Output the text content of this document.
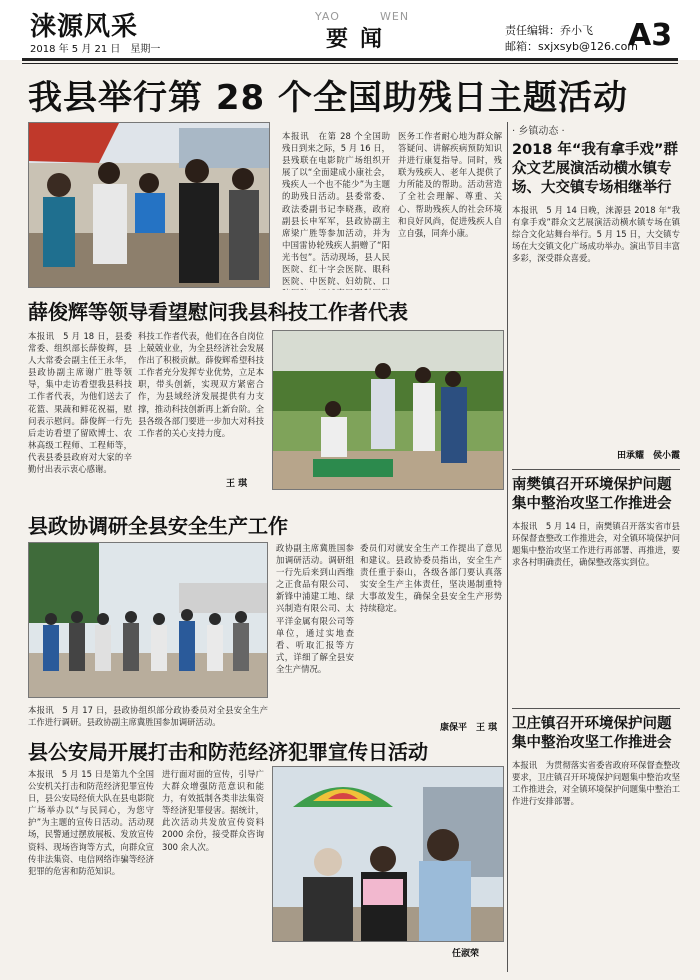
涞源风采
2018 年 5 月 21 日　星期一
YAO	WEN
要闻	责任编辑：乔小飞
邮箱：sxjxsyb@126.com
A3
我县举行第 28 个全国助残日主题活动
本报讯　在第 28 个全国助残日到来之际，5 月 16 日，县残联在电影院广场组织开展了以“全面建成小康社会，残疾人一个也不能少”为主题的助残日活动。县委常委、政法委副书记李晓燕，政府副县长申军军，县政协副主席梁广胜等参加活动，并为中国雷协轮残疾人捐赠了“阳光书包”。活动现场，县人民医院、红十字会医院、眼科医院、中医院、妇幼院、口
医务工作者耐心地为群众解答疑问、讲解疾病预防知识并进行康复指导。同时，残联为残疾人、老年人提供了力所能及的帮助。活动营造了全社会理解、尊重、关心、帮助残疾人的社会环境和良好风尚，促进残疾人自立自强，同奔小康。
薛俊辉等领导看望慰问我县科技工作者代表
本报讯　5 月 18 日，县委常委、组织部长薛俊辉，县人大常委会副主任王永华，县政协副主席谢广胜等领导，集中走访看望我县科技工作者代表，为他们送去了花篮、果蔬和鲜花祝福，慰问表示慰问。薛俊辉一行先后走访看望了留欧博士、农林高级工程师、工程师等，代表县委县政府对大家的辛勤付出表示衷心感谢。
科技工作者代表，他们在各自岗位上兢兢业业，为全县经济社会发展作出了积极贡献。薛俊辉希望科技工作者充分发挥专业优势，立足本职，带头创新，实现双方紧密合作，为县域经济发展提供有力支撑，推动科技创新再上新台阶。全县各级各部门要进一步加大对科技工作者的关心支持力度。
王 琪
县政协调研全县安全生产工作
本报讯　5 月 17 日，县政协组织部分政协委员对全县安全生产工作进行调研。县政协副主席冀胜国参加调研活动。
政协副主席冀胜国参加调研活动。调研组一行先后来到山西维之正食品有限公司、新锋中浦建工地、绿兴制造有限公司、太平洋金属有限公司等单位，通过实地查看、听取汇报等方式，详细了解全县安全生产情况。
委员们对就安全生产工作提出了意见和建议。县政协委员指出，安全生产责任重于泰山，各级各部门要认真落实安全生产主体责任，坚决遏制重特大事故发生，确保全县安全生产形势持续稳定。
康保平　王 琪
县公安局开展打击和防范经济犯罪宣传日活动
本报讯　5 月 15 日是第九个全国公安机关打击和防范经济犯罪宣传日，县公安局经侦大队在县电影院广场举办以“与民同心，为您守护”为主题的宣传日活动。活动现场，民警通过摆放展板、发放宣传资料、现场咨询等方式，向群众宣传非法集资、电信网络诈骗等经济犯罪的危害和防范知识。
进行面对面的宣传，引导广大群众增强防范意识和能力，有效抵制各类非法集资等经济犯罪侵害。据统计，此次活动共发放宣传资料 2000 余份，接受群众咨询 300 余人次。
任淑荣
· 乡镇动态 ·
2018 年“我有拿手戏”群众文艺展演活动横水镇专场、大交镇专场相继举行
本报讯　5 月 14 日晚，涞源县 2018 年“我有拿手戏”群众文艺展演活动横水镇专场在镇综合文化站舞台举行。5 月 15 日，大交镇专场在大交镇文化广场成功举办。演出节目丰富多彩，深受群众喜爱。
田承耀　侯小霞
南樊镇召开环境保护问题集中整治攻坚工作推进会
本报讯　5 月 14 日，南樊镇召开落实省市县环保督查整改工作推进会，对全镇环境保护问题集中整治攻坚工作进行再部署、再推进，要求各村明确责任，确保整改落实到位。
卫庄镇召开环境保护问题集中整治攻坚工作推进会
本报讯　为贯彻落实省委省政府环保督查整改要求，卫庄镇召开环境保护问题集中整治攻坚工作推进会，对全镇环境保护问题集中整治工作进行安排部署。
